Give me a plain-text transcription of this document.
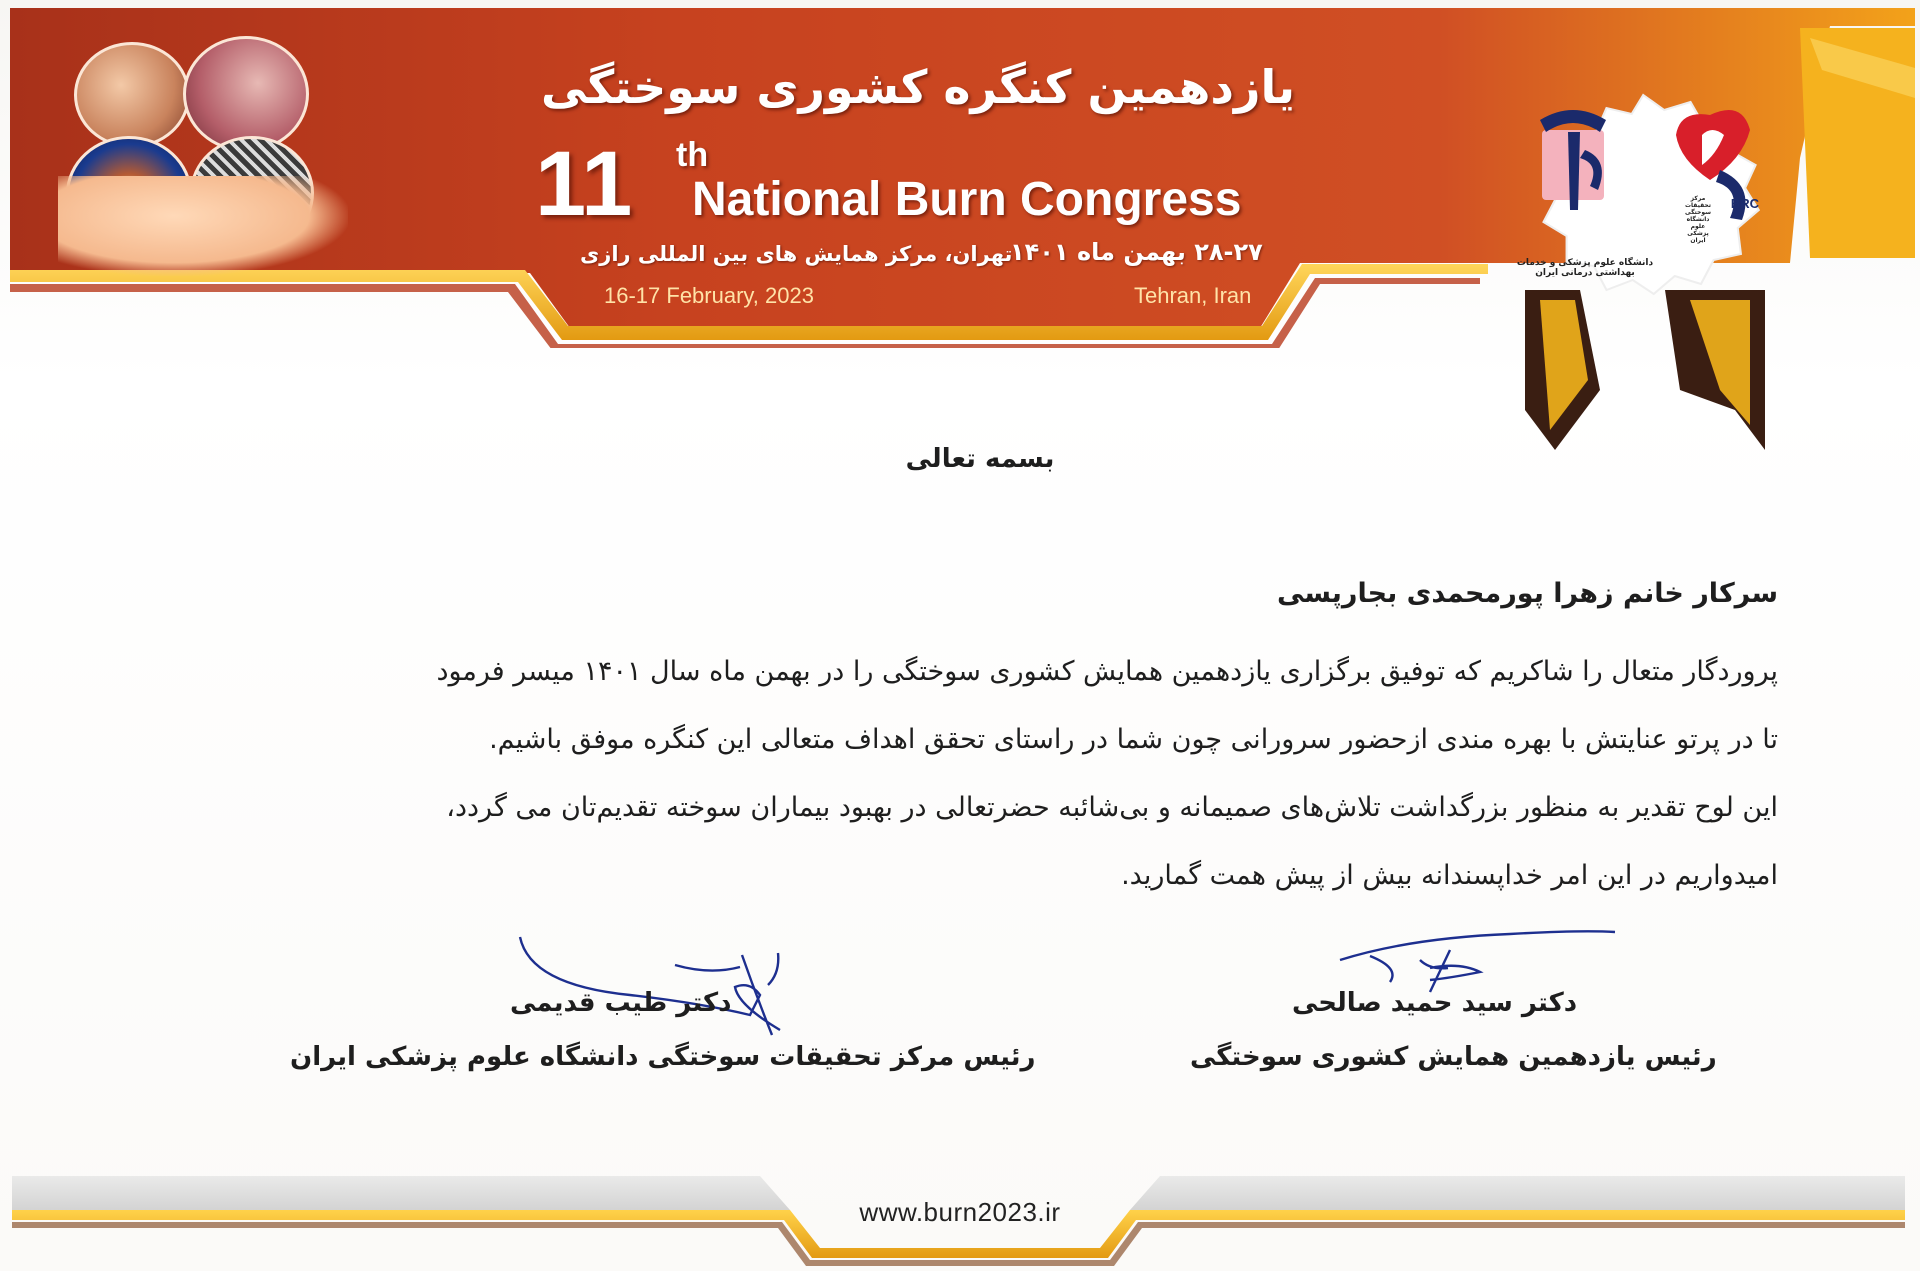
یازدهمین کنگره کشوری سوختگی
11 th
National Burn Congress
۲۸-۲۷ بهمن ماه ۱۴۰۱
تهران، مرکز همایش های بین المللی رازی
16-17 February, 2023	Tehran, Iran
دانشگاه علوم پزشکی و خدمات بهداشتی درمانی ایران
BRC
مرکز تحقیقات سوختگی دانشگاه علوم پزشکی ایران
بسمه تعالی
سرکار خانم زهرا پورمحمدی بجارپسی
پروردگار متعال را شاکریم که توفیق برگزاری یازدهمین همایش کشوری سوختگی را در بهمن ماه سال ۱۴۰۱ میسر فرمود
تا در پرتو عنایتش با بهره مندی ازحضور سرورانی چون شما در راستای تحقق اهداف متعالی این کنگره موفق باشیم.
این لوح تقدیر به منظور بزرگداشت تلاش‌های صمیمانه و بی‌شائبه حضرتعالی در بهبود بیماران سوخته تقدیم‌تان می گردد،
امیدواریم در این امر خداپسندانه بیش از پیش همت گمارید.
دکتر طیب قدیمی
رئیس مرکز تحقیقات سوختگی دانشگاه علوم پزشکی ایران
دکتر سید حمید صالحی
رئیس یازدهمین همایش کشوری سوختگی
www.burn2023.ir
